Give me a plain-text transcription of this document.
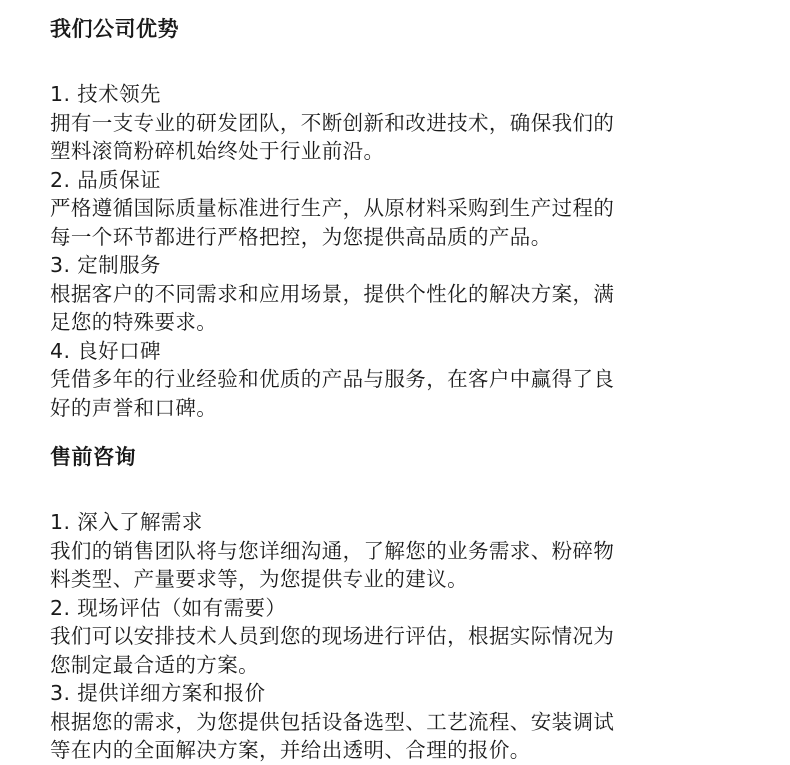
我们公司优势

1. 技术领先

拥有一支专业的研发团队，不断创新和改进技术，确保我们的
塑料滚筒粉碎机始终处于行业前沿。

2. 品质保证

严格遵循国际质量标准进行生产，从原材料采购到生产过程的
每一个环节都进行严格把控，为您提供高品质的产品。

3. 定制服务

根据客户的不同需求和应用场景，提供个性化的解决方案，满
足您的特殊要求。

4. 良好口碑

凭借多年的行业经验和优质的产品与服务，在客户中赢得了良
好的声誉和口碑。

售前咨询

1. 深入了解需求

我们的销售团队将与您详细沟通，了解您的业务需求、粉碎物
料类型、产量要求等，为您提供专业的建议。

2. 现场评估（如有需要）

我们可以安排技术人员到您的现场进行评估，根据实际情况为
您制定最合适的方案。

3. 提供详细方案和报价

根据您的需求，为您提供包括设备选型、工艺流程、安装调试
等在内的全面解决方案，并给出透明、合理的报价。
